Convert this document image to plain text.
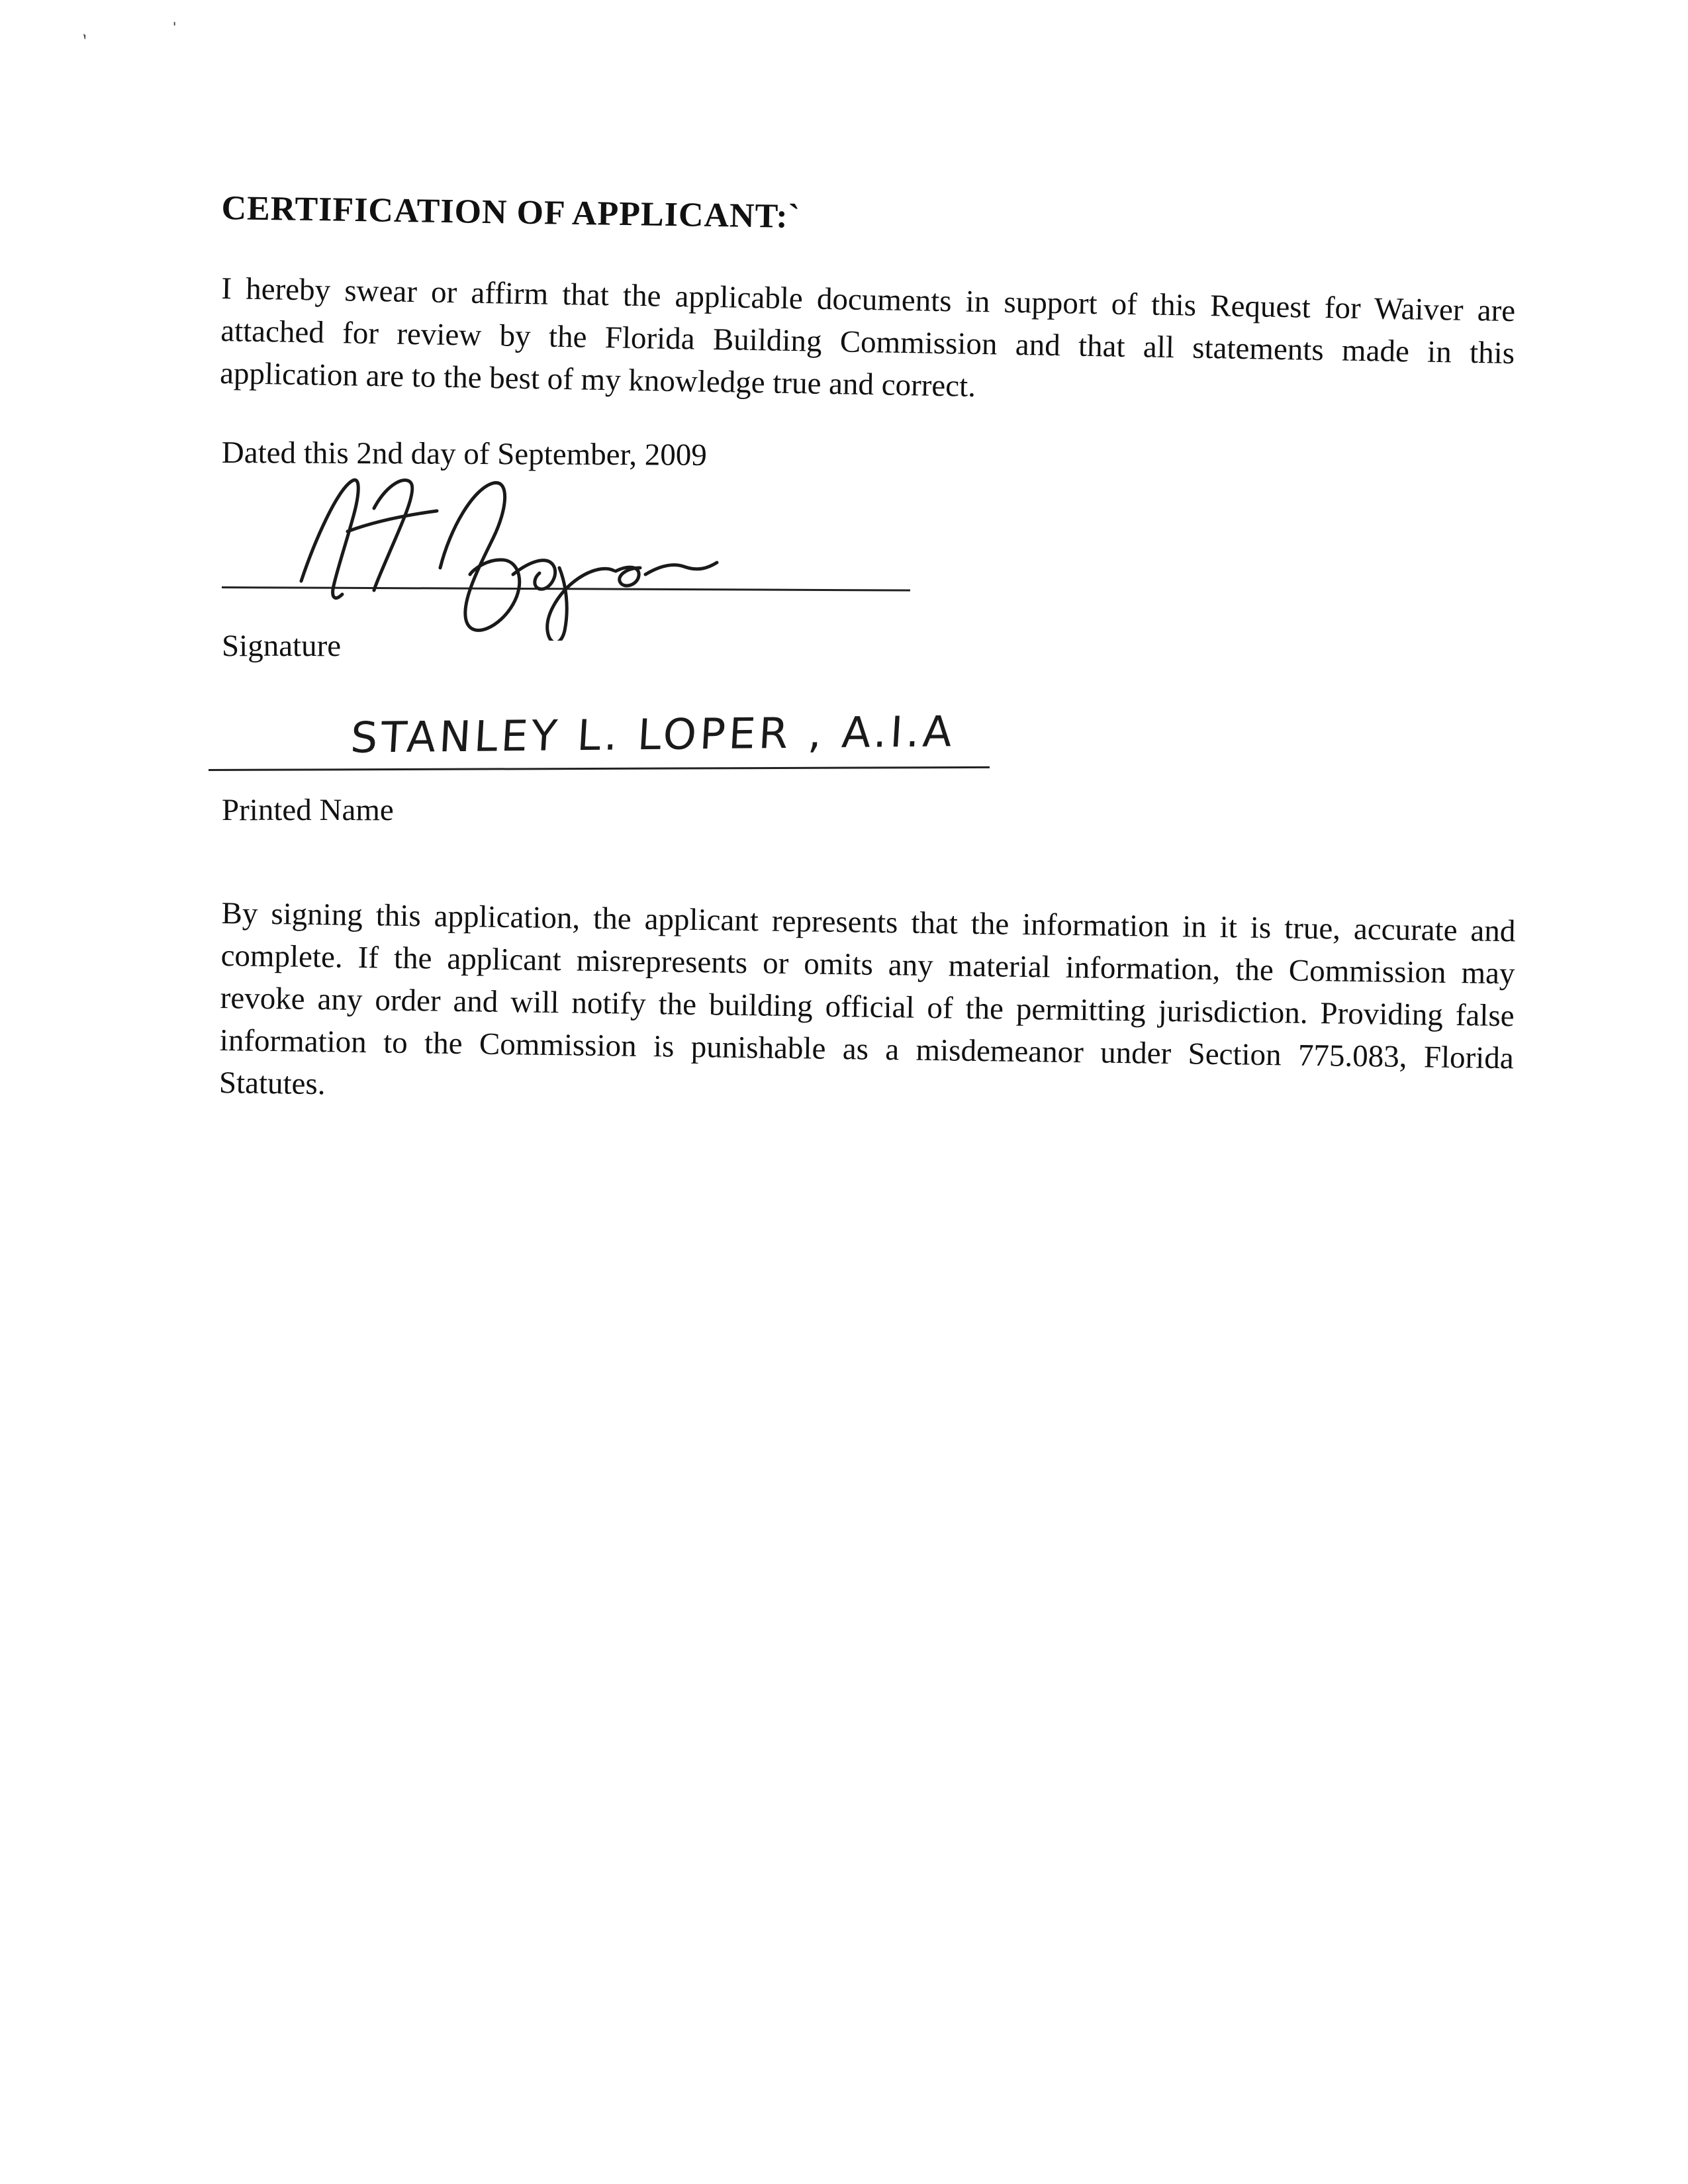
ˋ	ˈ
CERTIFICATION OF APPLICANT:`

I hereby swear or affirm that the applicable documents in support of this Request for Waiver are attached for review by the Florida Building Commission and that all statements made in this application are to the best of my knowledge true and correct.

Dated this 2nd day of September, 2009

Signature

STANLEY L. LOPER , A.I.A

Printed Name

By signing this application, the applicant represents that the information in it is true, accurate and complete. If the applicant misrepresents or omits any material information, the Commission may revoke any order and will notify the building official of the permitting jurisdiction. Providing false information to the Commission is punishable as a misdemeanor under Section 775.083, Florida Statutes.
